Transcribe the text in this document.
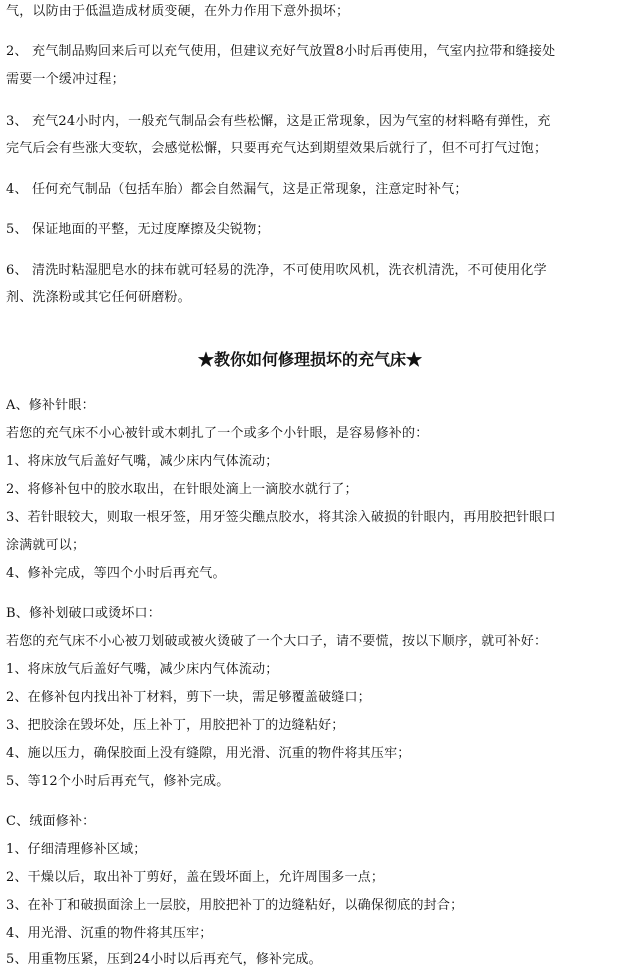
气，以防由于低温造成材质变硬，在外力作用下意外损坏；
2、 充气制品购回来后可以充气使用，但建议充好气放置8小时后再使用，气室内拉带和缝接处
需要一个缓冲过程；
3、 充气24小时内，一般充气制品会有些松懈，这是正常现象，因为气室的材料略有弹性，充
完气后会有些涨大变软，会感觉松懈，只要再充气达到期望效果后就行了，但不可打气过饱；
4、 任何充气制品（包括车胎）都会自然漏气，这是正常现象，注意定时补气；
5、 保证地面的平整，无过度摩擦及尖锐物；
6、 清洗时粘湿肥皂水的抹布就可轻易的洗净，不可使用吹风机，洗衣机清洗，不可使用化学
剂、洗涤粉或其它任何研磨粉。
★教你如何修理损坏的充气床★
A、修补针眼：
若您的充气床不小心被针或木刺扎了一个或多个小针眼，是容易修补的：
1、将床放气后盖好气嘴，减少床内气体流动；
2、将修补包中的胶水取出，在针眼处滴上一滴胶水就行了；
3、若针眼较大，则取一根牙签，用牙签尖醮点胶水，将其涂入破损的针眼内，再用胶把针眼口
涂满就可以；
4、修补完成，等四个小时后再充气。
B、修补划破口或烫坏口：
若您的充气床不小心被刀划破或被火烫破了一个大口子，请不要慌，按以下顺序，就可补好：
1、将床放气后盖好气嘴，减少床内气体流动；
2、在修补包内找出补丁材料，剪下一块，需足够覆盖破缝口；
3、把胶涂在毁坏处，压上补丁，用胶把补丁的边缝粘好；
4、施以压力，确保胶面上没有缝隙，用光滑、沉重的物件将其压牢；
5、等12个小时后再充气，修补完成。
C、绒面修补：
1、仔细清理修补区域；
2、干燥以后，取出补丁剪好，盖在毁坏面上，允许周围多一点；
3、在补丁和破损面涂上一层胶，用胶把补丁的边缝粘好，以确保彻底的封合；
4、用光滑、沉重的物件将其压牢；
5、用重物压紧，压到24小时以后再充气，修补完成。
